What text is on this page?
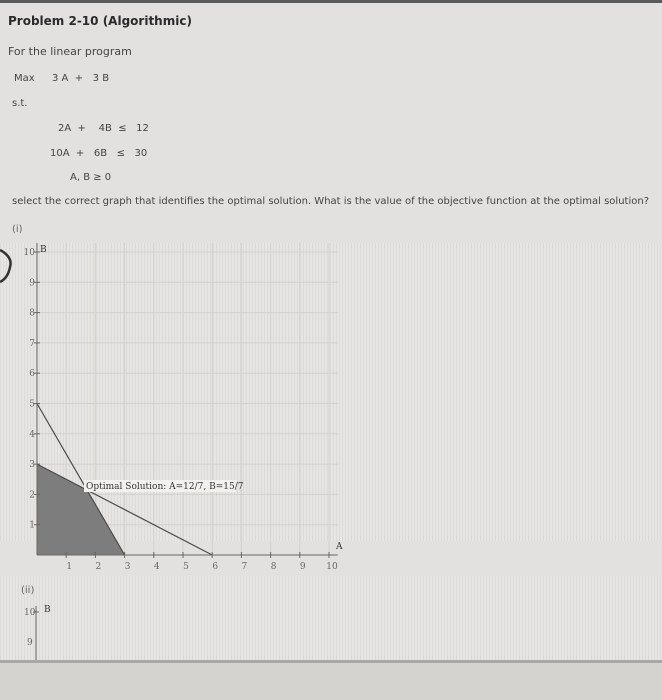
Problem 2-10 (Algorithmic)
For the linear program
Max 3 A  +   3 B
s.t.
2A  +    4B  ≤   12
10A  +   6B   ≤   30
A, B ≥ 0
select the correct graph that identifies the optimal solution. What is the value of the objective function at the optimal solution?
(i)
10
9
8
7
6
5
4
3
2
1
1	2	3	4	5	6	7	8	9 10
B
A
Optimal Solution: A=12/7, B=15/7
(ii)
B
10
9
